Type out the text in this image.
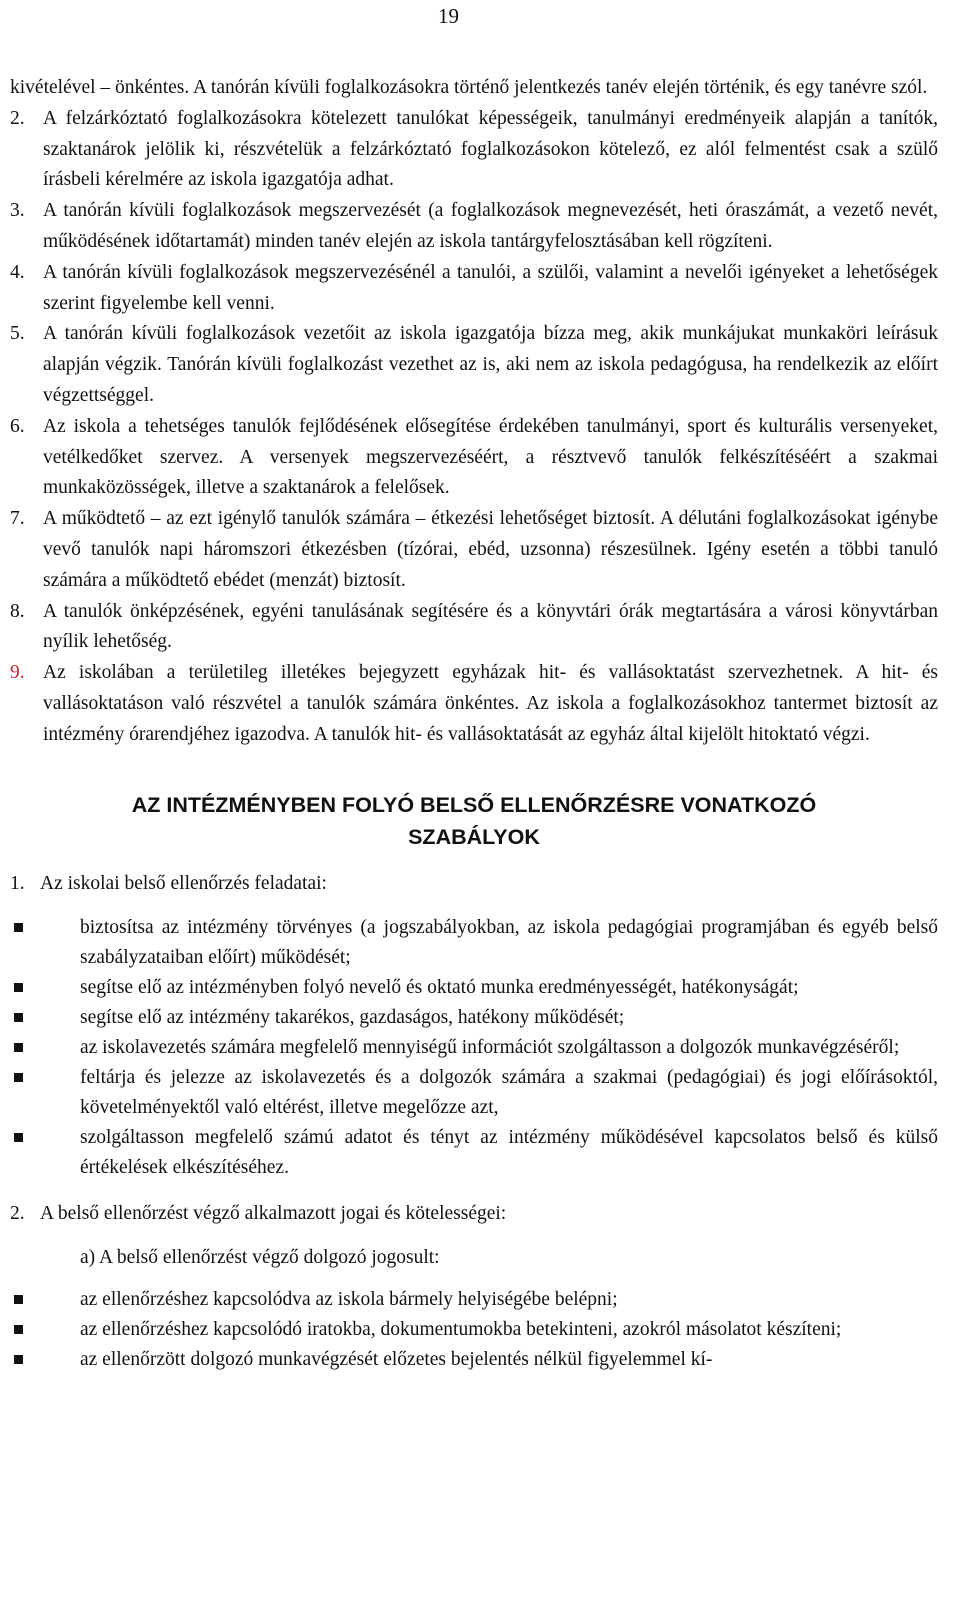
19
kivételével – önkéntes. A tanórán kívüli foglalkozásokra történő jelentkezés tanév elején történik, és egy tanévre szól.
2. A felzárkóztató foglalkozásokra kötelezett tanulókat képességeik, tanulmányi eredményeik alapján a tanítók, szaktanárok jelölik ki, részvételük a felzárkóztató foglalkozásokon kötelező, ez alól felmentést csak a szülő írásbeli kérelmére az iskola igazgatója adhat.
3. A tanórán kívüli foglalkozások megszervezését (a foglalkozások megnevezését, heti óraszámát, a vezető nevét, működésének időtartamát) minden tanév elején az iskola tantárgyfelosztásában kell rögzíteni.
4. A tanórán kívüli foglalkozások megszervezésénél a tanulói, a szülői, valamint a nevelői igényeket a lehetőségek szerint figyelembe kell venni.
5. A tanórán kívüli foglalkozások vezetőit az iskola igazgatója bízza meg, akik munkájukat munkaköri leírásuk alapján végzik. Tanórán kívüli foglalkozást vezethet az is, aki nem az iskola pedagógusa, ha rendelkezik az előírt végzettséggel.
6. Az iskola a tehetséges tanulók fejlődésének elősegítése érdekében tanulmányi, sport és kulturális versenyeket, vetélkedőket szervez. A versenyek megszervezéséért, a résztvevő tanulók felkészítéséért a szakmai munkaközösségek, illetve a szaktanárok a felelősek.
7. A működtető – az ezt igénylő tanulók számára – étkezési lehetőséget biztosít. A délutáni foglalkozásokat igénybe vevő tanulók napi háromszori étkezésben (tízórai, ebéd, uzsonna) részesülnek. Igény esetén a többi tanuló számára a működtető ebédet (menzát) biztosít.
8. A tanulók önképzésének, egyéni tanulásának segítésére és a könyvtári órák megtartására a városi könyvtárban nyílik lehetőség.
9. Az iskolában a területileg illetékes bejegyzett egyházak hit- és vallásoktatást szervezhetnek. A hit- és vallásoktatáson való részvétel a tanulók számára önkéntes. Az iskola a foglalkozásokhoz tantermet biztosít az intézmény órarendjéhez igazodva. A tanulók hit- és vallásoktatását az egyház által kijelölt hitoktató végzi.
AZ INTÉZMÉNYBEN FOLYÓ BELSŐ ELLENŐRZÉSRE VONATKOZÓ SZABÁLYOK
1. Az iskolai belső ellenőrzés feladatai:
biztosítsa az intézmény törvényes (a jogszabályokban, az iskola pedagógiai programjában és egyéb belső szabályzataiban előírt) működését;
segítse elő az intézményben folyó nevelő és oktató munka eredményességét, hatékonyságát;
segítse elő az intézmény takarékos, gazdaságos, hatékony működését;
az iskolavezetés számára megfelelő mennyiségű információt szolgáltasson a dolgozók munkavégzéséről;
feltárja és jelezze az iskolavezetés és a dolgozók számára a szakmai (pedagógiai) és jogi előírásoktól, követelményektől való eltérést, illetve megelőzze azt,
szolgáltasson megfelelő számú adatot és tényt az intézmény működésével kapcsolatos belső és külső értékelések elkészítéséhez.
2. A belső ellenőrzést végző alkalmazott jogai és kötelességei:
a) A belső ellenőrzést végző dolgozó jogosult:
az ellenőrzéshez kapcsolódva az iskola bármely helyiségébe belépni;
az ellenőrzéshez kapcsolódó iratokba, dokumentumokba betekinteni, azokról másolatot készíteni;
az ellenőrzött dolgozó munkavégzését előzetes bejelentés nélkül figyelemmel kí-
